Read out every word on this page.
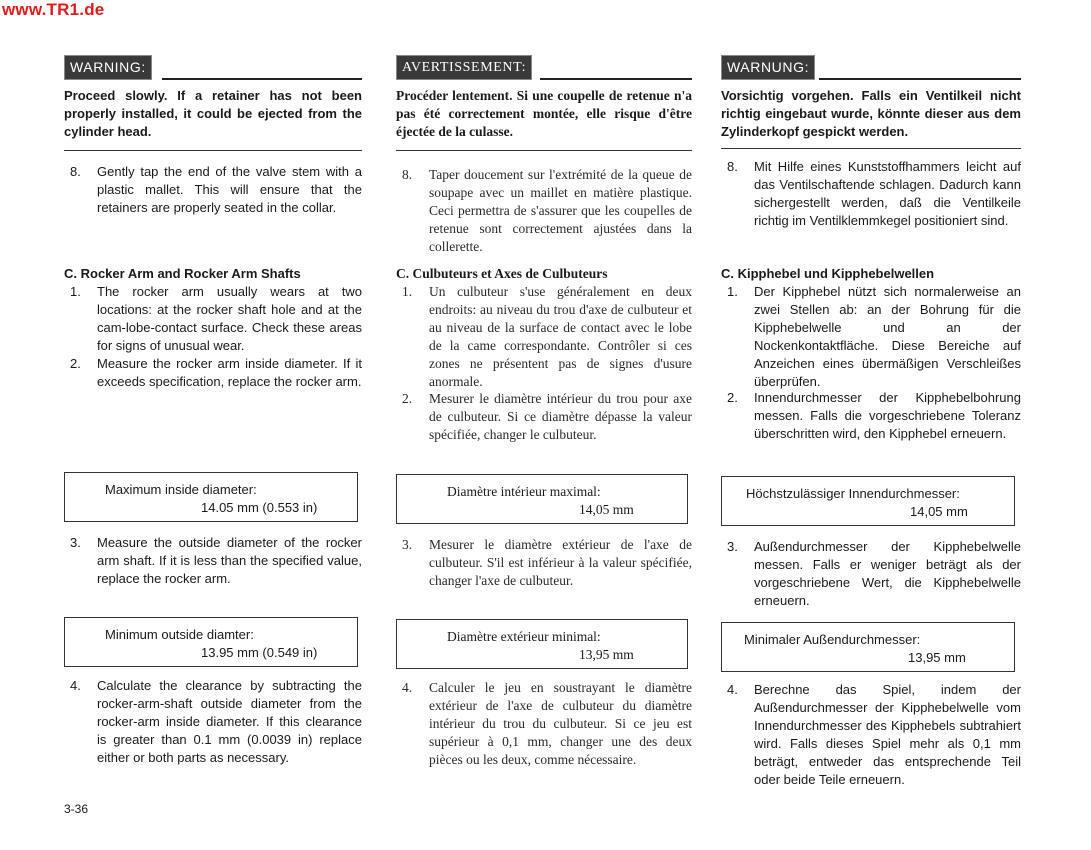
www.TR1.de
WARNING:
Proceed slowly. If a retainer has not been properly installed, it could be ejected from the cylinder head.
8. Gently tap the end of the valve stem with a plastic mallet. This will ensure that the retainers are properly seated in the collar.
C. Rocker Arm and Rocker Arm Shafts
1. The rocker arm usually wears at two locations: at the rocker shaft hole and at the cam-lobe-contact surface. Check these areas for signs of unusual wear.
2. Measure the rocker arm inside diameter. If it exceeds specification, replace the rocker arm.
Maximum inside diameter:
14.05 mm (0.553 in)
3. Measure the outside diameter of the rocker arm shaft. If it is less than the specified value, replace the rocker arm.
Minimum outside diamter:
13.95 mm (0.549 in)
4. Calculate the clearance by subtracting the rocker-arm-shaft outside diameter from the rocker-arm inside diameter. If this clearance is greater than 0.1 mm (0.0039 in) replace either or both parts as necessary.
AVERTISSEMENT:
Procéder lentement. Si une coupelle de retenue n'a pas été correctement montée, elle risque d'être éjectée de la culasse.
8. Taper doucement sur l'extrémité de la queue de soupape avec un maillet en matière plastique. Ceci permettra de s'assurer que les coupelles de retenue sont correctement ajustées dans la collerette.
C. Culbuteurs et Axes de Culbuteurs
1. Un culbuteur s'use généralement en deux endroits: au niveau du trou d'axe de culbuteur et au niveau de la surface de contact avec le lobe de la came correspondante. Contrôler si ces zones ne présentent pas de signes d'usure anormale.
2. Mesurer le diamètre intérieur du trou pour axe de culbuteur. Si ce diamètre dépasse la valeur spécifiée, changer le culbuteur.
Diamètre intérieur maximal:
14,05 mm
3. Mesurer le diamètre extérieur de l'axe de culbuteur. S'il est inférieur à la valeur spécifiée, changer l'axe de culbuteur.
Diamètre extérieur minimal:
13,95 mm
4. Calculer le jeu en soustrayant le diamètre extérieur de l'axe de culbuteur du diamètre intérieur du trou du culbuteur. Si ce jeu est supérieur à 0,1 mm, changer une des deux pièces ou les deux, comme nécessaire.
WARNUNG:
Vorsichtig vorgehen. Falls ein Ventilkeil nicht richtig eingebaut wurde, könnte dieser aus dem Zylinderkopf gespickt werden.
8. Mit Hilfe eines Kunststoffhammers leicht auf das Ventilschaftende schlagen. Dadurch kann sichergestellt werden, daß die Ventilkeile richtig im Ventilklemmkegel positioniert sind.
C. Kipphebel und Kipphebelwellen
1. Der Kipphebel nützt sich normalerweise an zwei Stellen ab: an der Bohrung für die Kipphebelwelle und an der Nockenkontaktfläche. Diese Bereiche auf Anzeichen eines übermäßigen Verschleißes überprüfen.
2. Innendurchmesser der Kipphebelbohrung messen. Falls die vorgeschriebene Toleranz überschritten wird, den Kipphebel erneuern.
Höchstzulässiger Innendurchmesser:
14,05 mm
3. Außendurchmesser der Kipphebelwelle messen. Falls er weniger beträgt als der vorgeschriebene Wert, die Kipphebelwelle erneuern.
Minimaler Außendurchmesser:
13,95 mm
4. Berechne das Spiel, indem der Außendurchmesser der Kipphebelwelle vom Innendurchmesser des Kipphebels subtrahiert wird. Falls dieses Spiel mehr als 0,1 mm beträgt, entweder das entsprechende Teil oder beide Teile erneuern.
3-36
